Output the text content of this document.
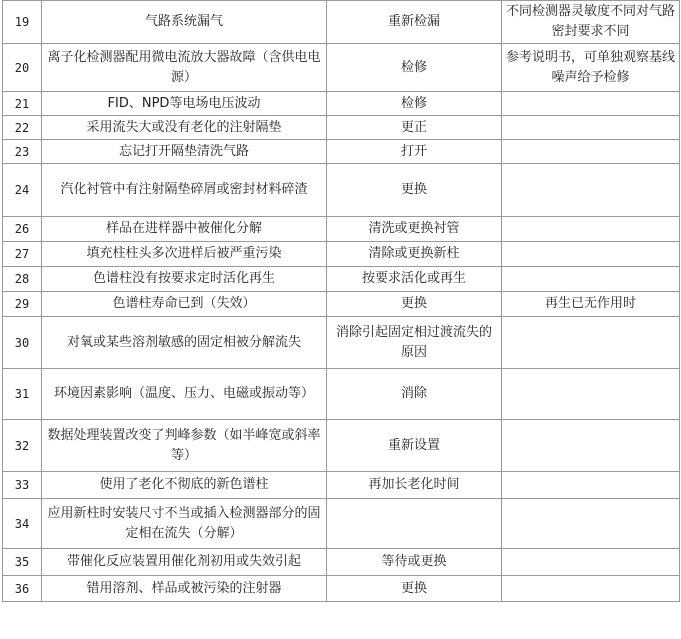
19	气路系统漏气	重新检漏	不同检测器灵敏度不同对气路密封要求不同
20	离子化检测器配用微电流放大器故障（含供电电源）	检修	参考说明书，可单独观察基线噪声给予检修
21	FID、NPD等电场电压波动	检修	
22	采用流失大或没有老化的注射隔垫	更正	
23	忘记打开隔垫清洗气路	打开	
24	汽化衬管中有注射隔垫碎屑或密封材料碎渣	更换	
26	样品在进样器中被催化分解	清洗或更换衬管	
27	填充柱柱头多次进样后被严重污染	清除或更换新柱	
28	色谱柱没有按要求定时活化再生	按要求活化或再生	
29	色谱柱寿命已到（失效）	更换	再生已无作用时
30	对氧或某些溶剂敏感的固定相被分解流失	消除引起固定相过渡流失的原因	
31	环境因素影响（温度、压力、电磁或振动等）	消除	
32	数据处理装置改变了判峰参数（如半峰宽或斜率等）	重新设置	
33	使用了老化不彻底的新色谱柱	再加长老化时间	
34	应用新柱时安装尺寸不当或插入检测器部分的固定相在流失（分解）		
35	带催化反应装置用催化剂初用或失效引起	等待或更换	
36	错用溶剂、样品或被污染的注射器	更换	
